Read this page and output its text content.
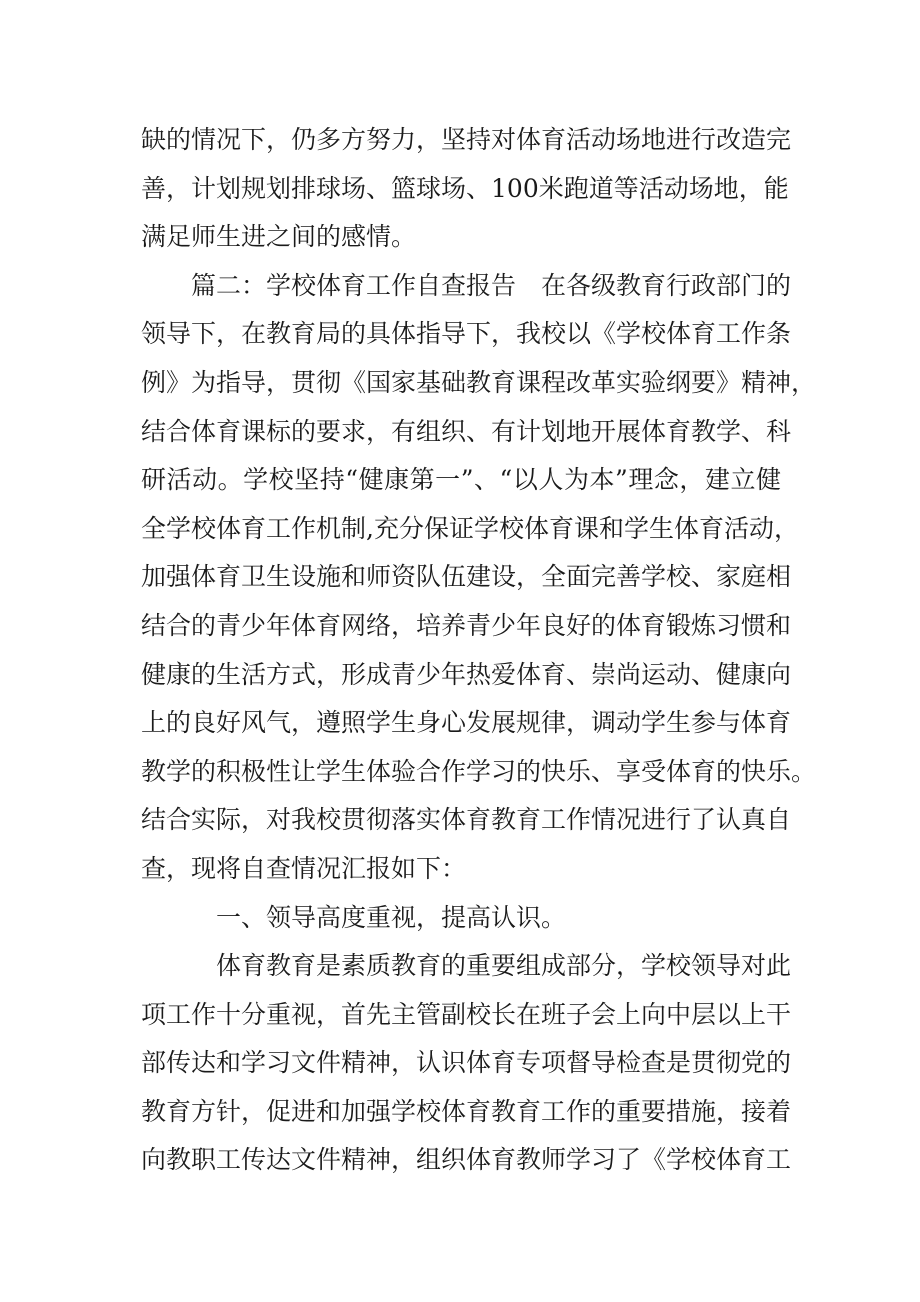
缺的情况下，仍多方努力，坚持对体育活动场地进行改造完
善，计划规划排球场、篮球场、100米跑道等活动场地，能
满足师生进之间的感情。
篇二：学校体育工作自查报告　在各级教育行政部门的
领导下，在教育局的具体指导下，我校以《学校体育工作条
例》为指导，贯彻《国家基础教育课程改革实验纲要》精神，
结合体育课标的要求，有组织、有计划地开展体育教学、科
研活动。学校坚持“健康第一”、“以人为本”理念，建立健
全学校体育工作机制,充分保证学校体育课和学生体育活动，
加强体育卫生设施和师资队伍建设，全面完善学校、家庭相
结合的青少年体育网络，培养青少年良好的体育锻炼习惯和
健康的生活方式，形成青少年热爱体育、崇尚运动、健康向
上的良好风气，遵照学生身心发展规律，调动学生参与体育
教学的积极性让学生体验合作学习的快乐、享受体育的快乐。
结合实际，对我校贯彻落实体育教育工作情况进行了认真自
查，现将自查情况汇报如下：
一、领导高度重视，提高认识。
体育教育是素质教育的重要组成部分，学校领导对此
项工作十分重视，首先主管副校长在班子会上向中层以上干
部传达和学习文件精神，认识体育专项督导检查是贯彻党的
教育方针，促进和加强学校体育教育工作的重要措施，接着
向教职工传达文件精神，组织体育教师学习了《学校体育工
